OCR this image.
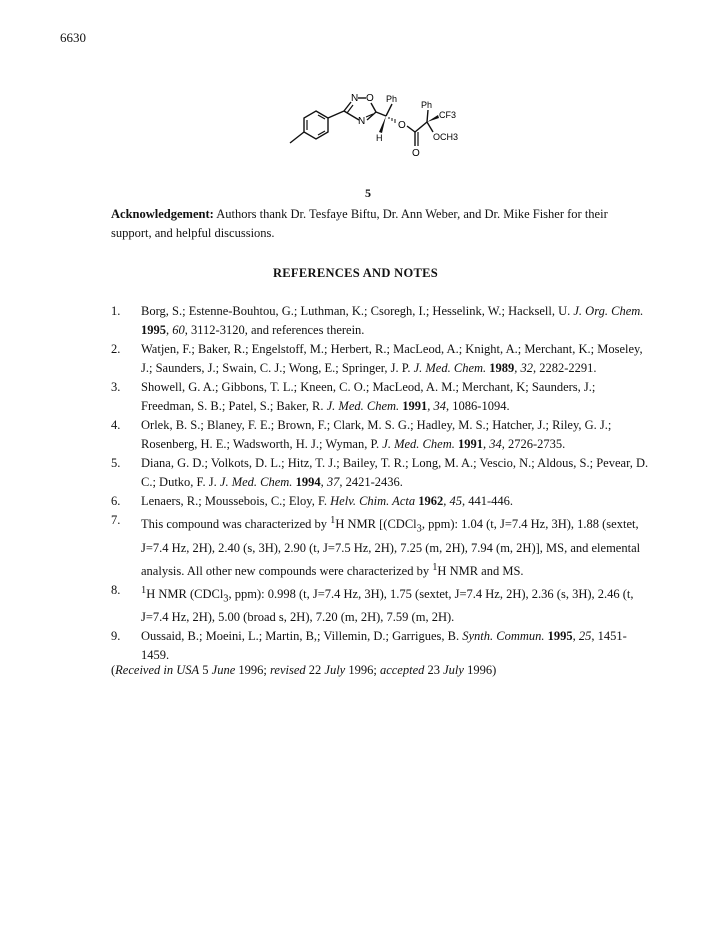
6630
N O
N
Ph
H
O
Ph
CF3
OCH3
O
5
Acknowledgement: Authors thank Dr. Tesfaye Biftu, Dr. Ann Weber, and Dr. Mike Fisher for their support, and helpful discussions.
REFERENCES AND NOTES
1. Borg, S.; Estenne-Bouhtou, G.; Luthman, K.; Csoregh, I.; Hesselink, W.; Hacksell, U. J. Org. Chem. 1995, 60, 3112-3120, and references therein.
2. Watjen, F.; Baker, R.; Engelstoff, M.; Herbert, R.; MacLeod, A.; Knight, A.; Merchant, K.; Moseley, J.; Saunders, J.; Swain, C. J.; Wong, E.; Springer, J. P. J. Med. Chem. 1989, 32, 2282-2291.
3. Showell, G. A.; Gibbons, T. L.; Kneen, C. O.; MacLeod, A. M.; Merchant, K; Saunders, J.; Freedman, S. B.; Patel, S.; Baker, R. J. Med. Chem. 1991, 34, 1086-1094.
4. Orlek, B. S.; Blaney, F. E.; Brown, F.; Clark, M. S. G.; Hadley, M. S.; Hatcher, J.; Riley, G. J.; Rosenberg, H. E.; Wadsworth, H. J.; Wyman, P. J. Med. Chem. 1991, 34, 2726-2735.
5. Diana, G. D.; Volkots, D. L.; Hitz, T. J.; Bailey, T. R.; Long, M. A.; Vescio, N.; Aldous, S.; Pevear, D. C.; Dutko, F. J. J. Med. Chem. 1994, 37, 2421-2436.
6. Lenaers, R.; Moussebois, C.; Eloy, F. Helv. Chim. Acta 1962, 45, 441-446.
7. This compound was characterized by $^1$H NMR [(CDCl$_3$, ppm): 1.04 (t, J=7.4 Hz, 3H), 1.88 (sextet, J=7.4 Hz, 2H), 2.40 (s, 3H), 2.90 (t, J=7.5 Hz, 2H), 7.25 (m, 2H), 7.94 (m, 2H)], MS, and elemental analysis. All other new compounds were characterized by $^1$H NMR and MS.
8. $^1$H NMR (CDCl$_3$, ppm): 0.998 (t, J=7.4 Hz, 3H), 1.75 (sextet, J=7.4 Hz, 2H), 2.36 (s, 3H), 2.46 (t, J=7.4 Hz, 2H), 5.00 (broad s, 2H), 7.20 (m, 2H), 7.59 (m, 2H).
9. Oussaid, B.; Moeini, L.; Martin, B,; Villemin, D.; Garrigues, B. Synth. Commun. 1995, 25, 1451-1459.
(Received in USA 5 June 1996; revised 22 July 1996; accepted 23 July 1996)
